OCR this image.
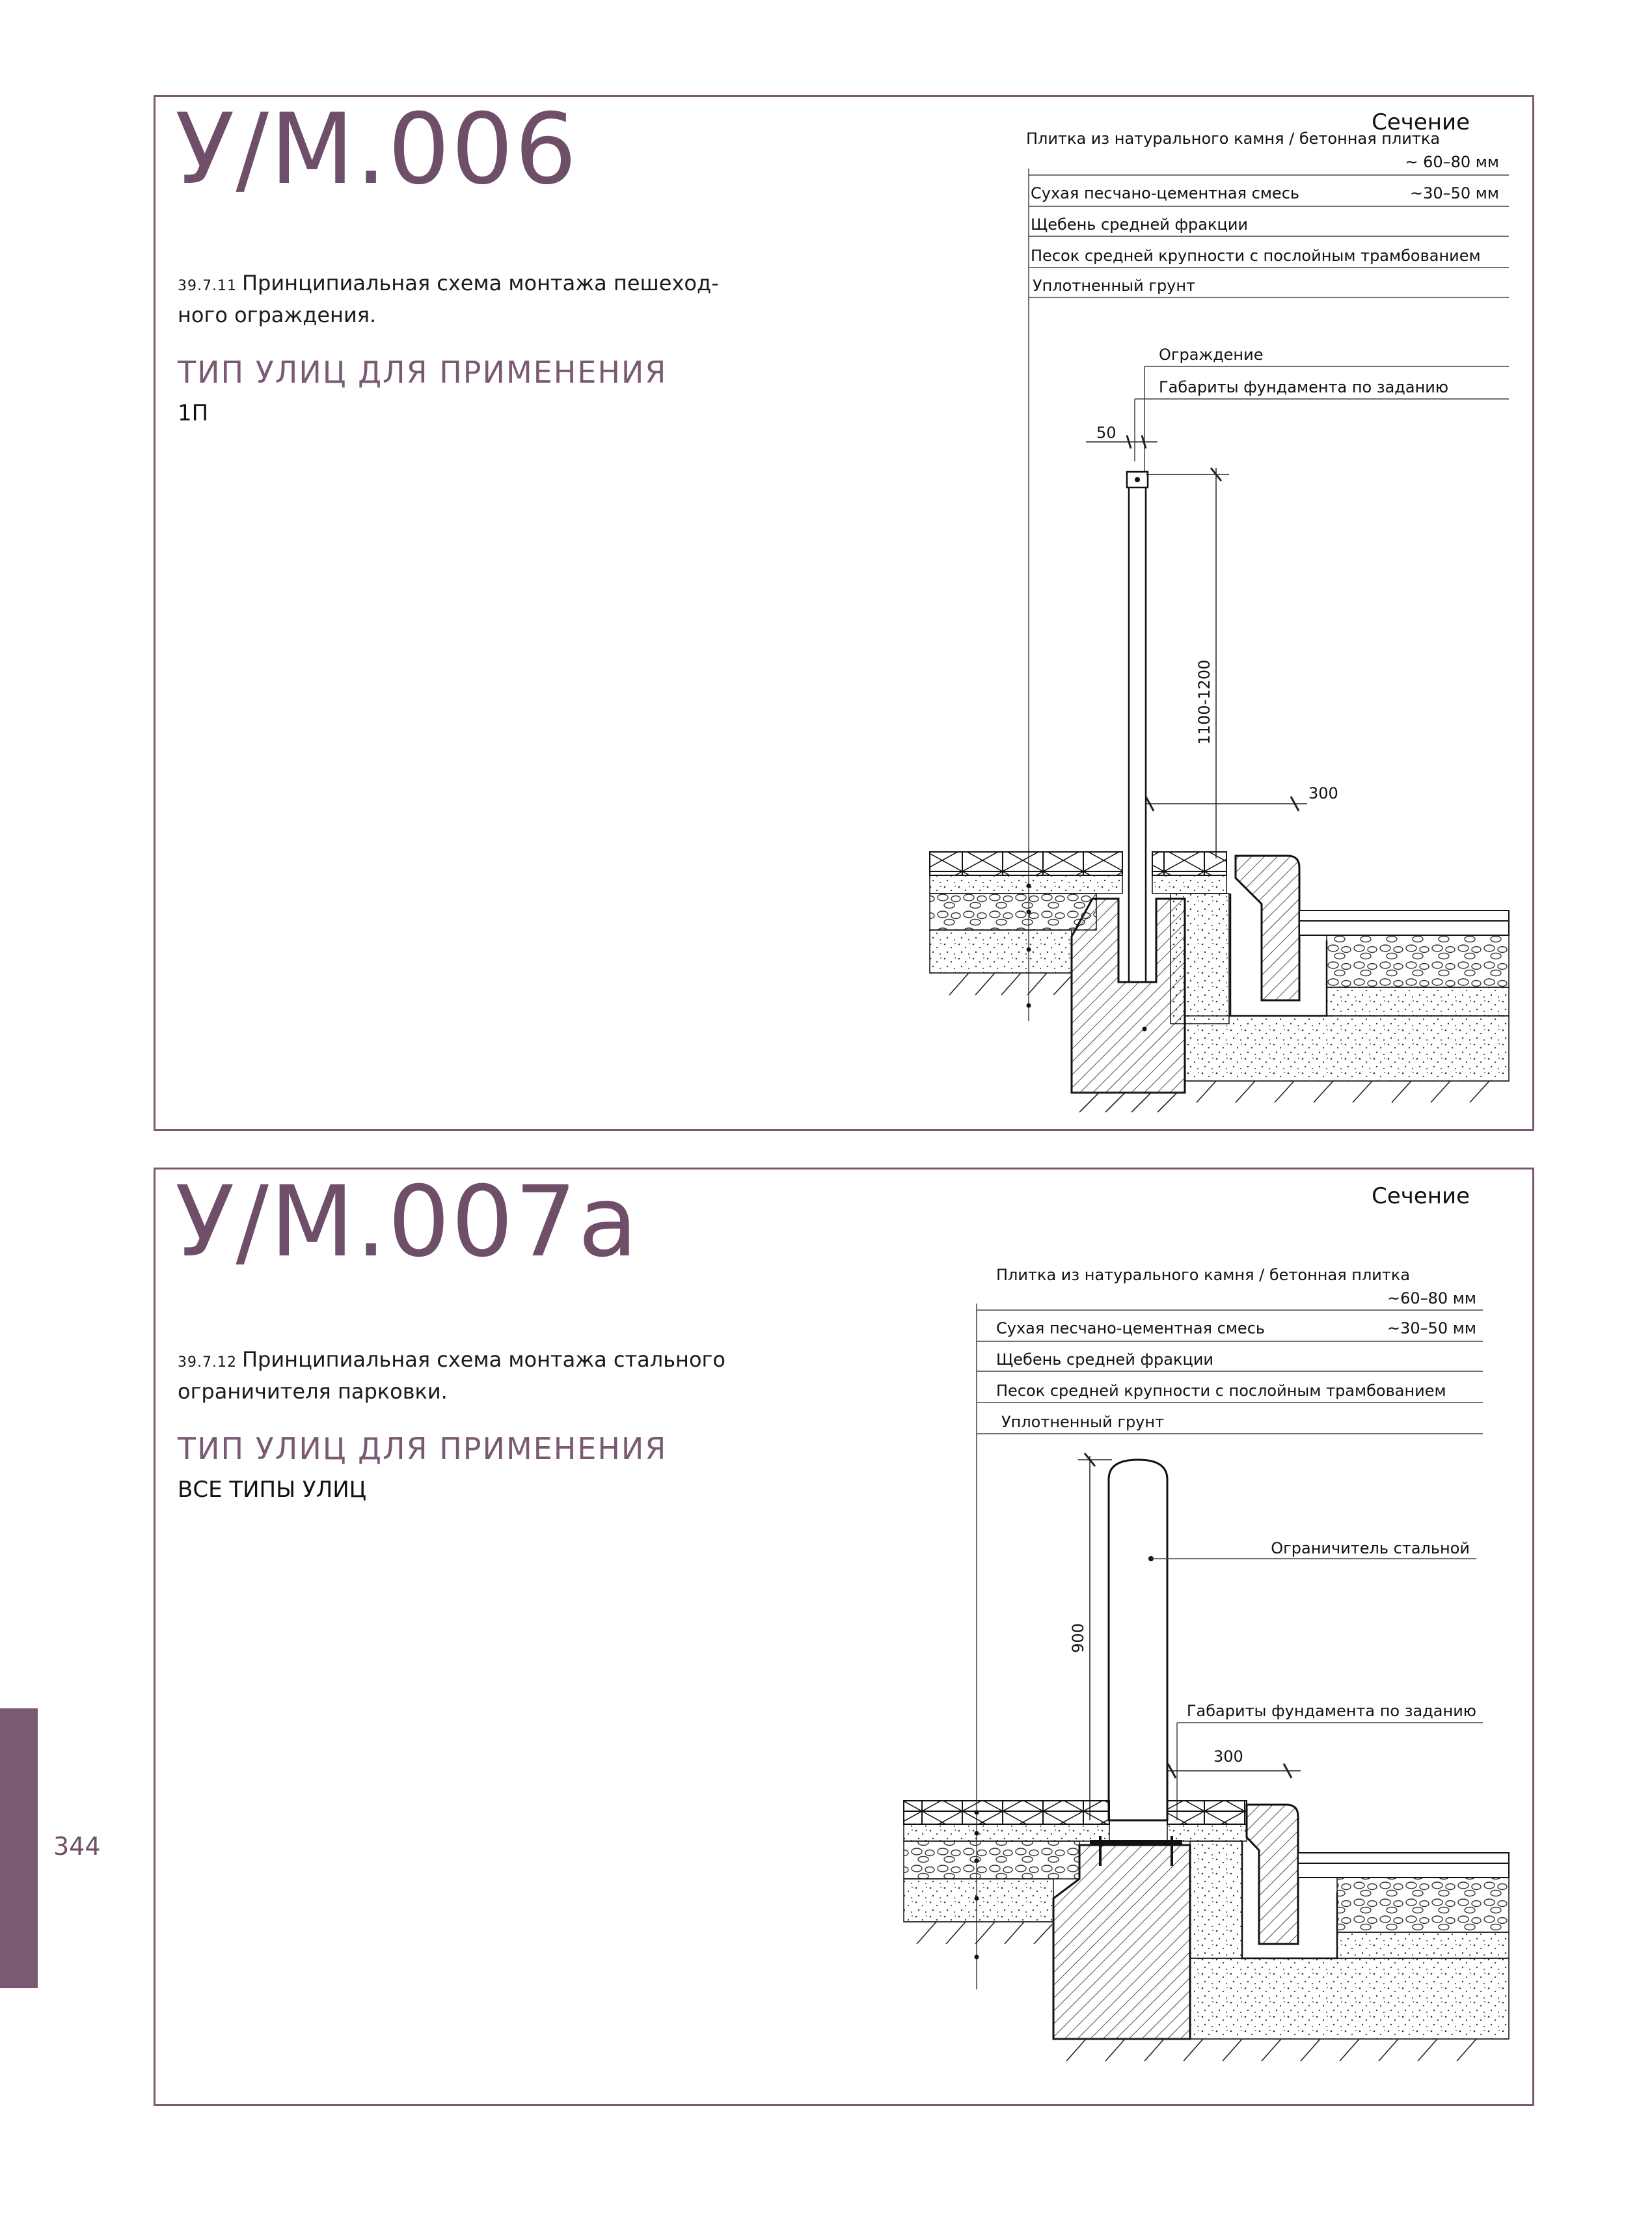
У/М.006
39.7.11 Принципиальная схема монтажа пешеход-ного ограждения.
ТИП УЛИЦ ДЛЯ ПРИМЕНЕНИЯ
1П
Сечение
Плитка из натурального камня / бетонная плитка
~ 60–80 мм
Сухая песчано-цементная смесь	~30–50 мм
Щебень средней фракции
Песок средней крупности с послойным трамбованием
Уплотненный грунт
Ограждение
Габариты фундамента по заданию
50
1100-1200
300
У/М.007а
39.7.12 Принципиальная схема монтажа стального ограничителя парковки.
ТИП УЛИЦ ДЛЯ ПРИМЕНЕНИЯ
ВСЕ ТИПЫ УЛИЦ
Сечение
Плитка из натурального камня / бетонная плитка
~60–80 мм
Сухая песчано-цементная смесь	~30–50 мм
Щебень средней фракции
Песок средней крупности с послойным трамбованием
Уплотненный грунт
Ограничитель стальной
900
Габариты фундамента по заданию
300
344
